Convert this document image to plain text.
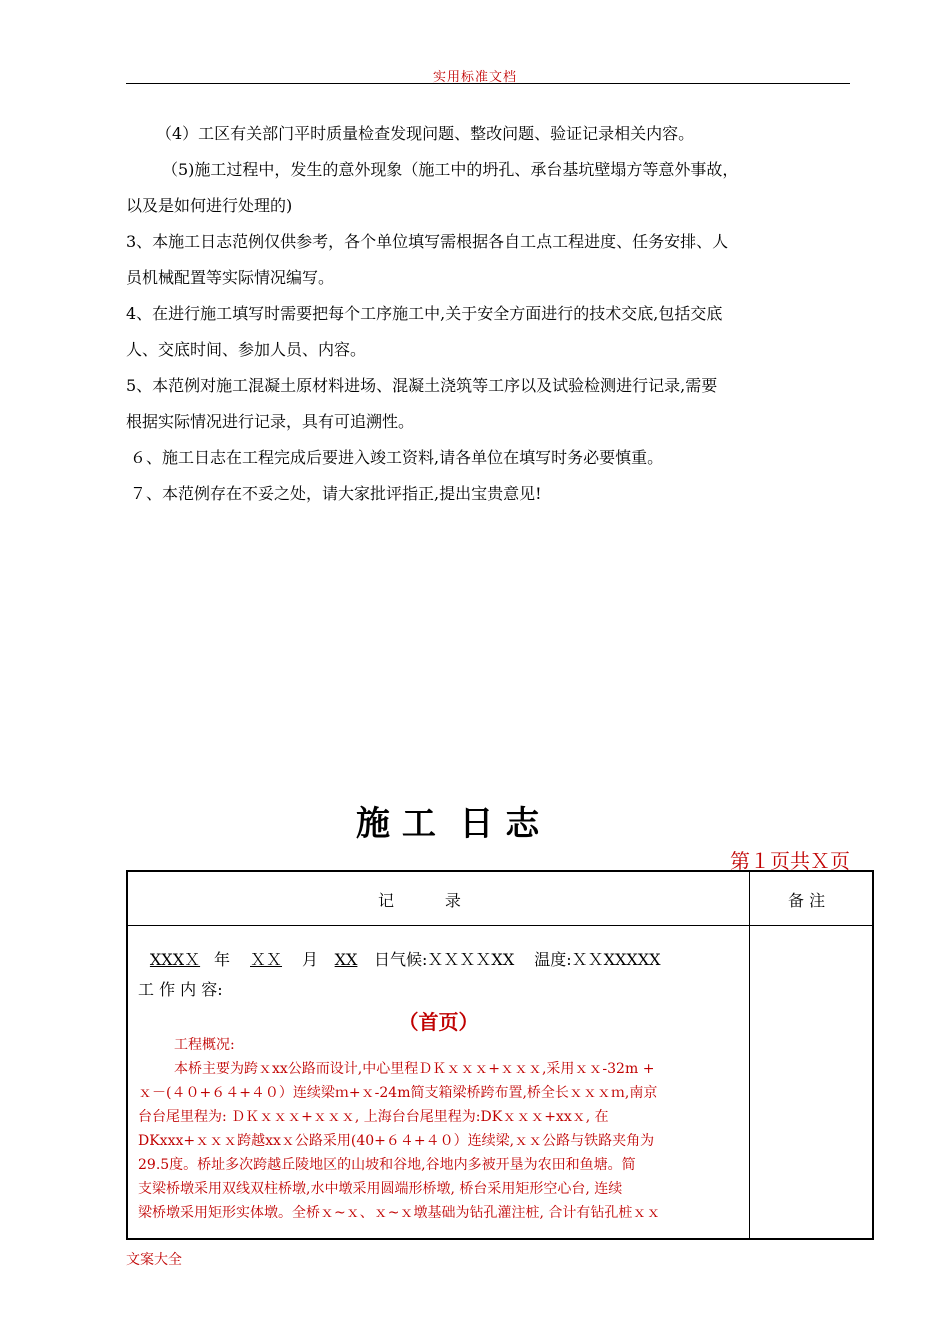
实用标准文档
（4）工区有关部门平时质量检查发现问题、整改问题、验证记录相关内容。
（5)施工过程中，发生的意外现象（施工中的坍孔、承台基坑壁塌方等意外事故，
以及是如何进行处理的)
3、本施工日志范例仅供参考，各个单位填写需根据各自工点工程进度、任务安排、人
员机械配置等实际情况编写。
4、在进行施工填写时需要把每个工序施工中,关于安全方面进行的技术交底,包括交底
人、交底时间、参加人员、内容。
5、本范例对施工混凝土原材料进场、混凝土浇筑等工序以及试验检测进行记录,需要
根据实际情况进行记录，具有可追溯性。
６、施工日志在工程完成后要进入竣工资料,请各单位在填写时务必要慎重。
７、本范例存在不妥之处，请大家批评指正,提出宝贵意见!
施 工  日 志
第１页共Ｘ页
记          录	备 注
XXXＸ 年 ＸＸ 月 XX 日气候:ＸＸＸＸXX 温度:ＸＸXXXXX
工 作 内 容:
（首页）
工程概况:
本桥主要为跨ｘxx公路而设计,中心里程ＤＫｘｘｘ+ｘｘｘ,采用ｘｘ-32m +
ｘ－(４０+６４+４０）连续梁ｍ+ｘ-24m简支箱梁桥跨布置,桥全长ｘｘｘｍ,南京
台台尾里程为: ＤＫｘｘｘ+ｘｘｘ, 上海台台尾里程为:DKｘｘｘ+xxｘ, 在
DKxxx+ｘｘｘ跨越xxｘ公路采用(40+６４+４０）连续梁,ｘｘ公路与铁路夹角为
29.5度。桥址多次跨越丘陵地区的山坡和谷地,谷地内多被开垦为农田和鱼塘。简
支梁桥墩采用双线双柱桥墩,水中墩采用圆端形桥墩, 桥台采用矩形空心台, 连续
梁桥墩采用矩形实体墩。全桥ｘ~ｘ、ｘ~ｘ墩基础为钻孔灌注桩, 合计有钻孔桩ｘｘ
文案大全
